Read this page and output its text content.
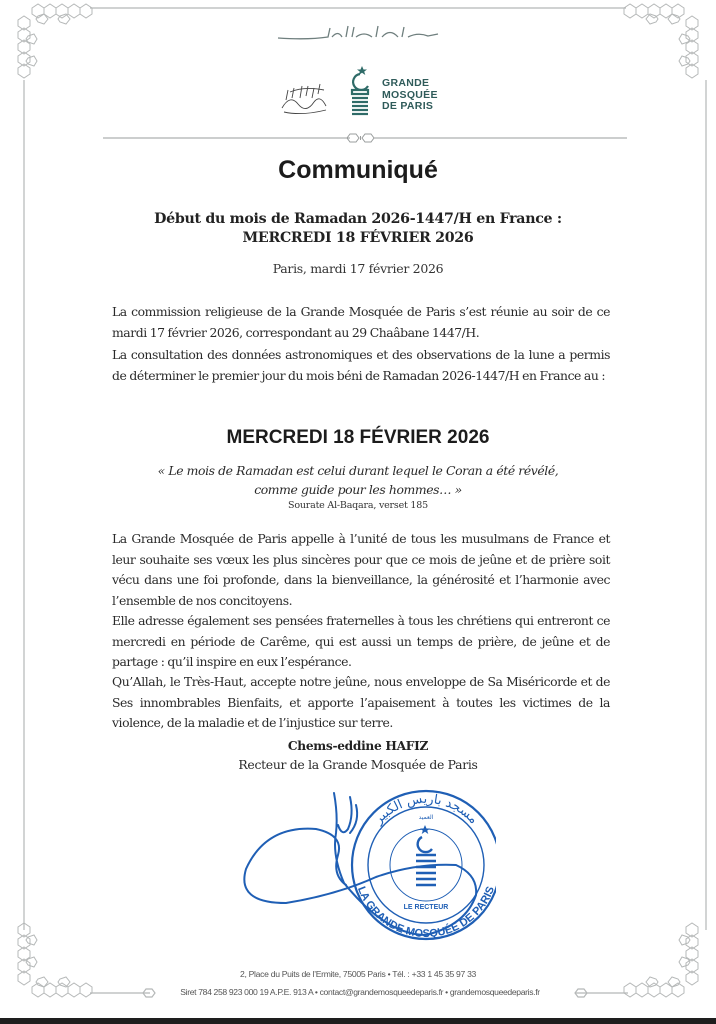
GRANDE
MOSQUÉE
DE PARIS
Communiqué
Début du mois de Ramadan 2026-1447/H en France :
MERCREDI 18 FÉVRIER 2026
Paris, mardi 17 février 2026
La commission religieuse de la Grande Mosquée de Paris s’est réunie au soir de ce mardi 17 février 2026, correspondant au 29 Chaâbane 1447/H.
La consultation des données astronomiques et des observations de la lune a permis de déterminer le premier jour du mois béni de Ramadan 2026-1447/H en France au :
MERCREDI 18 FÉVRIER 2026
« Le mois de Ramadan est celui durant lequel le Coran a été révélé,
comme guide pour les hommes… »
Sourate Al-Baqara, verset 185
La Grande Mosquée de Paris appelle à l’unité de tous les musulmans de France et leur souhaite ses vœux les plus sincères pour que ce mois de jeûne et de prière soit vécu dans une foi profonde, dans la bienveillance, la générosité et l’harmonie avec l’ensemble de nos concitoyens.
Elle adresse également ses pensées fraternelles à tous les chrétiens qui entreront ce mercredi en période de Carême, qui est aussi un temps de prière, de jeûne et de partage : qu’il inspire en eux l’espérance.
Qu’Allah, le Très-Haut, accepte notre jeûne, nous enveloppe de Sa Miséricorde et de Ses innombrables Bienfaits, et apporte l’apaisement à toutes les victimes de la violence, de la maladie et de l’injustice sur terre.
Chems-eddine HAFIZ
Recteur de la Grande Mosquée de Paris
LA GRANDE MOSQUÉE DE PARIS
مسجد باريس الكبير
العميد
LE RECTEUR
2, Place du Puits de l’Ermite, 75005 Paris • Tél. : +33 1 45 35 97 33
Siret 784 258 923 000 19 A.P.E. 913 A • contact@grandemosqueedeparis.fr • grandemosqueedeparis.fr
